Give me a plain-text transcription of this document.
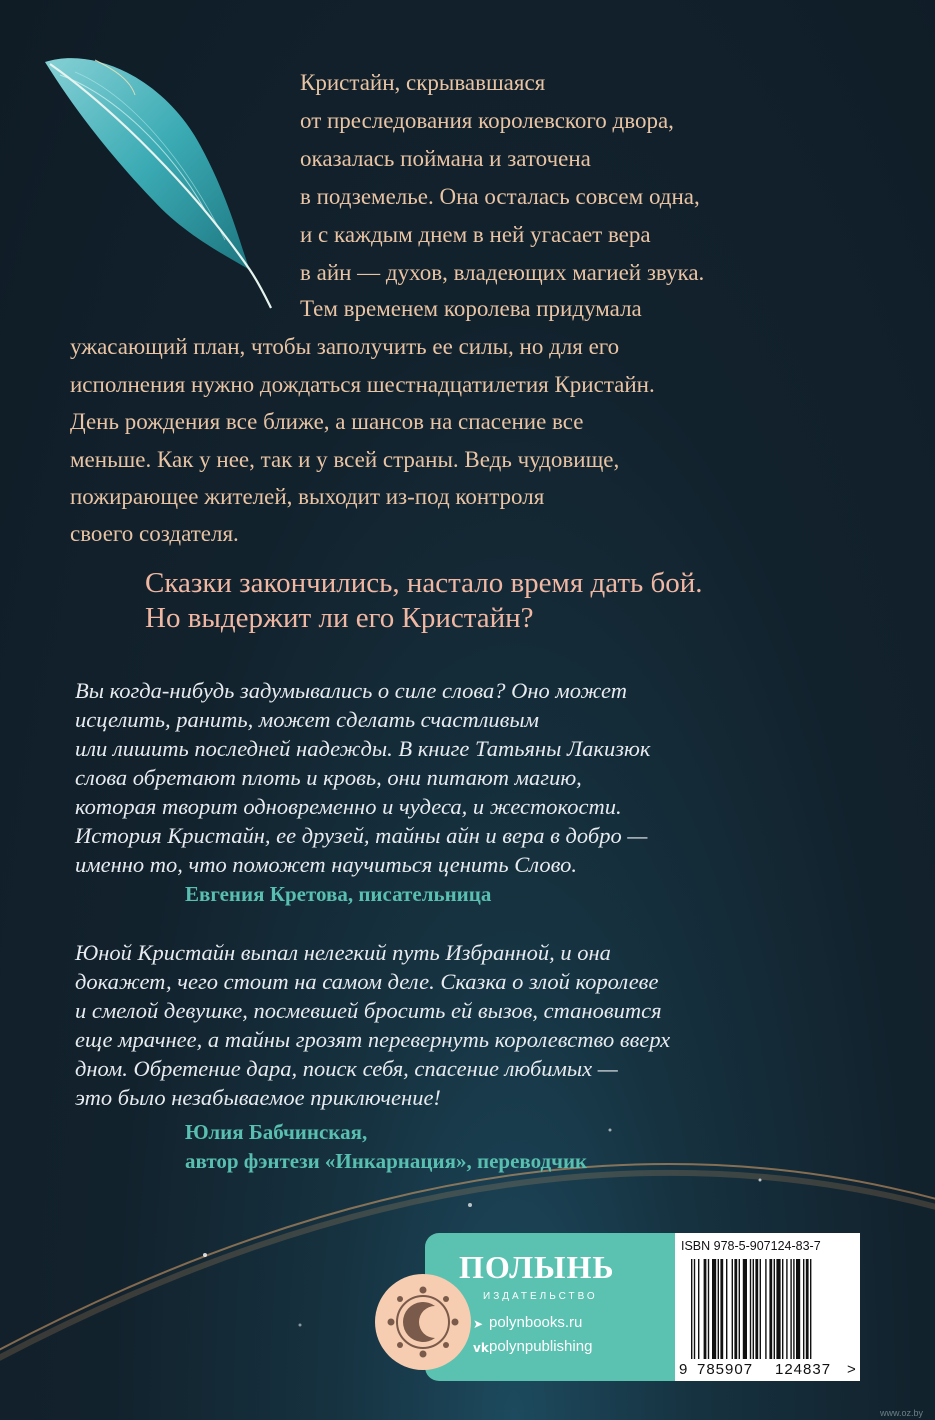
Кристайн, скрывавшаяся
от преследования королевского двора,
оказалась поймана и заточена
в подземелье. Она осталась совсем одна,
и с каждым днем в ней угасает вера
в айн — духов, владеющих магией звука.
Тем временем королева придумала
ужасающий план, чтобы заполучить ее силы, но для его
исполнения нужно дождаться шестнадцатилетия Кристайн.
День рождения все ближе, а шансов на спасение все
меньше. Как у нее, так и у всей страны. Ведь чудовище,
пожирающее жителей, выходит из-под контроля
своего создателя.
Сказки закончились, настало время дать бой.
Но выдержит ли его Кристайн?
Вы когда-нибудь задумывались о силе слова? Оно может
исцелить, ранить, может сделать счастливым
или лишить последней надежды. В книге Татьяны Лакизюк
слова обретают плоть и кровь, они питают магию,
которая творит одновременно и чудеса, и жестокости.
История Кристайн, ее друзей, тайны айн и вера в добро —
именно то, что поможет научиться ценить Слово.
Евгения Кретова, писательница
Юной Кристайн выпал нелегкий путь Избранной, и она
докажет, чего стоит на самом деле. Сказка о злой королеве
и смелой девушке, посмевшей бросить ей вызов, становится
еще мрачнее, а тайны грозят перевернуть королевство вверх
дном. Обретение дара, поиск себя, спасение любимых —
это было незабываемое приключение!
Юлия Бабчинская,
автор фэнтези «Инкарнация», переводчик
ПОЛЫНЬ
ИЗДАТЕЛЬСТВО
➤ polynbooks.ru
vk polynpublishing
ISBN 978-5-907124-83-7
9 785907 124837 >
www.oz.by
